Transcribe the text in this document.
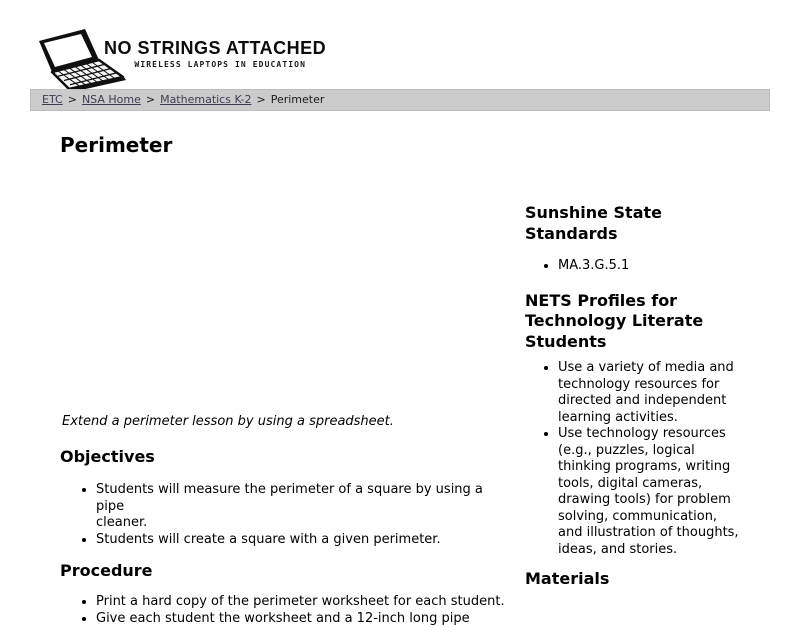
NO STRINGS ATTACHED
WIRELESS LAPTOPS IN EDUCATION
ETC > NSA Home > Mathematics K-2 > Perimeter
Perimeter

Extend a perimeter lesson by using a spreadsheet.

Objectives
• Students will measure the perimeter of a square by using a pipe
cleaner.
• Students will create a square with a given perimeter.
Procedure
• Print a hard copy of the perimeter worksheet for each student.
• Give each student the worksheet and a 12-inch long pipe
Sunshine State
Standards
• MA.3.G.5.1
NETS Profiles for
Technology Literate
Students
• Use a variety of media and
technology resources for
directed and independent
learning activities.
• Use technology resources
(e.g., puzzles, logical
thinking programs, writing
tools, digital cameras,
drawing tools) for problem
solving, communication,
and illustration of thoughts,
ideas, and stories.
Materials
